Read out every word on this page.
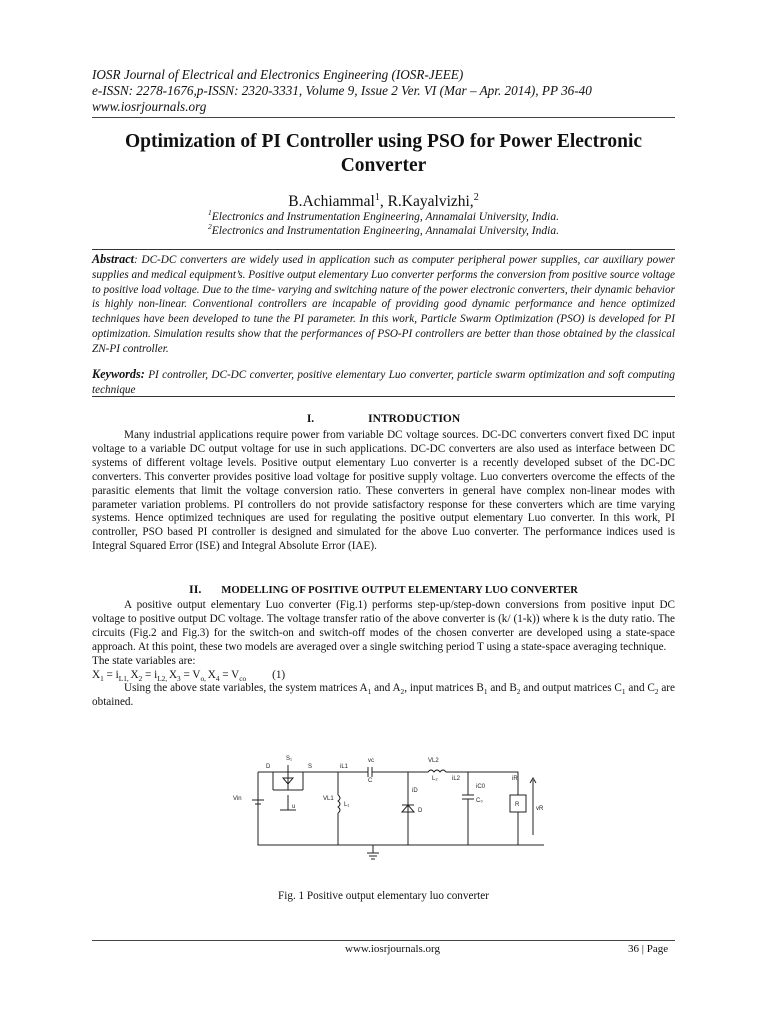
IOSR Journal of Electrical and Electronics Engineering (IOSR-JEEE)
e-ISSN: 2278-1676,p-ISSN: 2320-3331, Volume 9, Issue 2 Ver. VI (Mar – Apr. 2014), PP 36-40
www.iosrjournals.org
Optimization of PI Controller using PSO for Power Electronic Converter
B.Achiammal$^1$, R.Kayalvizhi,$^2$
$^1$Electronics and Instrumentation Engineering, Annamalai University, India.
$^2$Electronics and Instrumentation Engineering, Annamalai University, India.
Abstract: DC-DC converters are widely used in application such as computer peripheral power supplies, car auxiliary power supplies and medical equipment’s. Positive output elementary Luo converter performs the conversion from positive source voltage to positive load voltage. Due to the time- varying and switching nature of the power electronic converters, their dynamic behavior is highly non-linear. Conventional controllers are incapable of providing good dynamic performance and hence optimized techniques have been developed to tune the PI parameter. In this work, Particle Swarm Optimization (PSO) is developed for PI optimization. Simulation results show that the performances of PSO-PI controllers are better than those obtained by the classical ZN-PI controller.
Keywords: PI controller, DC-DC converter, positive elementary Luo converter, particle swarm optimization and soft computing technique
I.	INTRODUCTION
Many industrial applications require power from variable DC voltage sources. DC-DC converters convert fixed DC input voltage to a variable DC output voltage for use in such applications. DC-DC converters are also used as interface between DC systems of different voltage levels. Positive output elementary Luo converter is a recently developed subset of the DC-DC converters. This converter provides positive load voltage for positive supply voltage. Luo converters overcome the effects of the parasitic elements that limit the voltage conversion ratio. These converters in general have complex non-linear modes with parameter variation problems. PI controllers do not provide satisfactory response for these converters which are time varying systems. Hence optimized techniques are used for regulating the positive output elementary Luo converter. In this work, PI controller, PSO based PI controller is designed and simulated for the above Luo converter. The performance indices used is Integral Squared Error (ISE) and Integral Absolute Error (IAE).
II. MODELLING OF POSITIVE OUTPUT ELEMENTARY LUO CONVERTER

A positive output elementary Luo converter (Fig.1) performs step-up/step-down conversions from positive input DC voltage to positive output DC voltage. The voltage transfer ratio of the above converter is (k/ (1-k)) where k is the duty ratio. The circuits (Fig.2 and Fig.3) for the switch-on and switch-off modes of the chosen converter are developed using a state-space approach. At this point, these two models are averaged over a single switching period T using a state-space averaging technique.

The state variables are:

$X_1 = i_{L1,}$ $X_2 = i_{L2,}$ $X_3 = V_{o,}$ $X_4 = V_{co}$ (1)

Using the above state variables, the system matrices $A_1$ and $A_2$, input matrices $B_1$ and $B_2$ and output matrices $C_1$ and $C_2$ are obtained.

S₁
D	S
Vin
u
iL1
C
vc
VL1
L₁
VL2
L₂ iL2
iD
D
iC0
C₀
iR
R
vR
Fig. 1 Positive output elementary luo converter
www.iosrjournals.org	36 | Page
